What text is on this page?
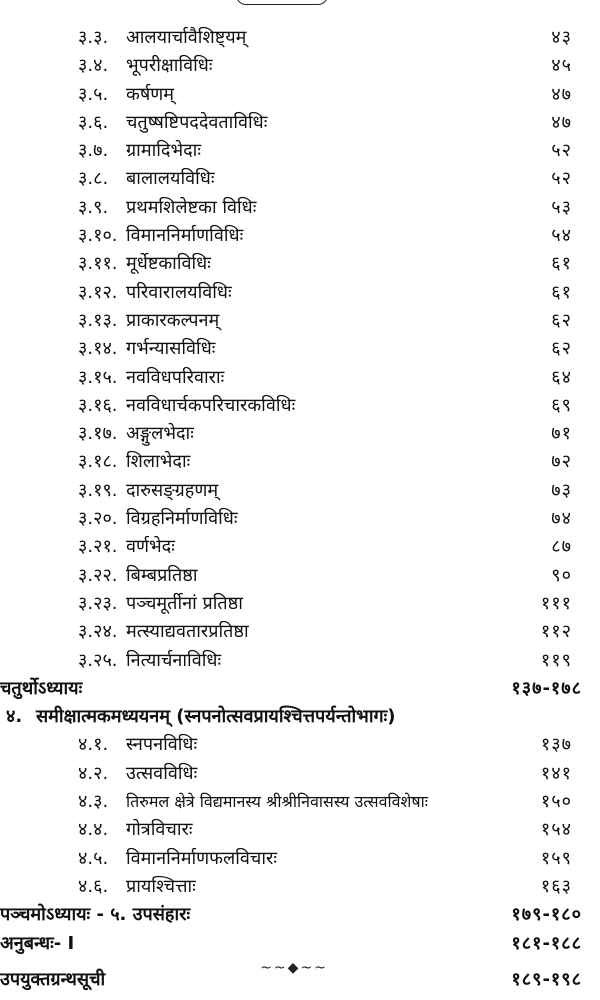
३.३. आलयार्चावैशिष्ट्यम्	४३
३.४. भूपरीक्षाविधिः	४५
३.५. कर्षणम्	४७
३.६. चतुष्षष्टिपददेवताविधिः	४७
३.७. ग्रामादिभेदाः	५२
३.८. बालालयविधिः	५२
३.९. प्रथमशिलेष्टका विधिः	५३
३.१०. विमाननिर्माणविधिः	५४
३.११. मूर्धेष्टकाविधिः	६१
३.१२. परिवारालयविधिः	६१
३.१३. प्राकारकल्पनम्	६२
३.१४. गर्भन्यासविधिः	६२
३.१५. नवविधपरिवाराः	६४
३.१६. नवविधार्चकपरिचारकविधिः	६९
३.१७. अङ्गुलभेदाः	७१
३.१८. शिलाभेदाः	७२
३.१९. दारुसङ्ग्रहणम्	७३
३.२०. विग्रहनिर्माणविधिः	७४
३.२१. वर्णभेदः	८७
३.२२. बिम्बप्रतिष्ठा	९०
३.२३. पञ्चमूर्तीनां प्रतिष्ठा	१११
३.२४. मत्स्याद्यवतारप्रतिष्ठा	११२
३.२५. नित्यार्चनाविधिः	११९
चतुर्थोऽध्यायः	१३७-१७८
४. समीक्षात्मकमध्ययनम् (स्नपनोत्सवप्रायश्चित्तपर्यन्तोभागः)
४.१. स्नपनविधिः	१३७
४.२. उत्सवविधिः	१४१
४.३. तिरुमल क्षेत्रे विद्यमानस्य श्रीश्रीनिवासस्य उत्सवविशेषाः	१५०
४.४. गोत्रविचारः	१५४
४.५. विमाननिर्माणफलविचारः	१५९
४.६. प्रायश्चित्ताः	१६३
पञ्चमोऽध्यायः - ५. उपसंहारः	१७९-१८०
अनुबन्धः- I	१८१-१८८
उपयुक्तग्रन्थसूची	१८९-१९८
~~◆~~
